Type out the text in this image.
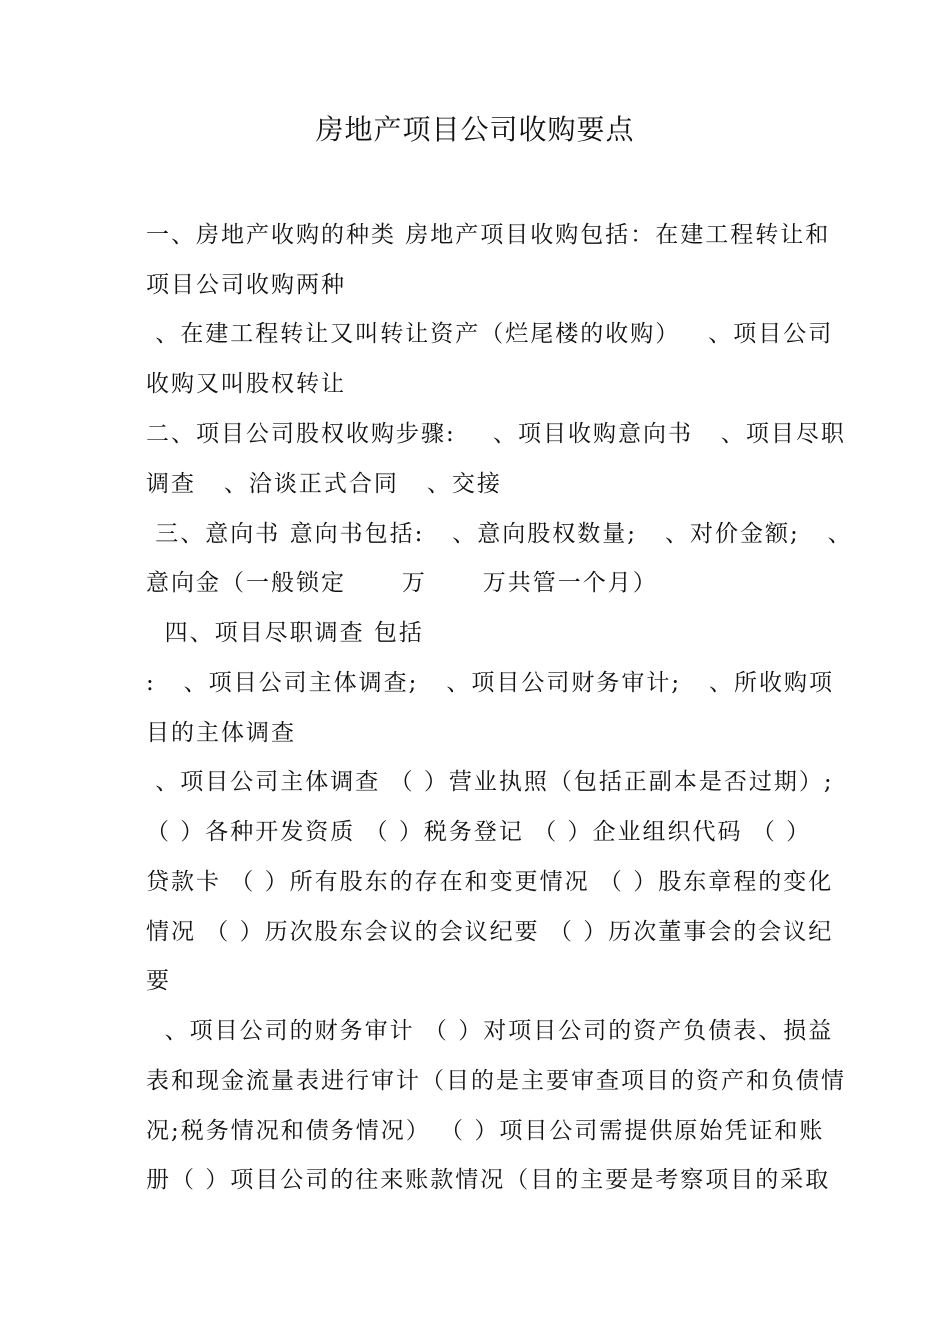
房地产项目公司收购要点
一、房地产收购的种类 房地产项目收购包括：在建工程转让和
项目公司收购两种
、在建工程转让又叫转让资产（烂尾楼的收购）   、项目公司
收购又叫股权转让
二、项目公司股权收购步骤:    、项目收购意向书   、项目尽职
调查   、洽谈正式合同   、交接
三、意向书 意向书包括:   、意向股权数量;   、对价金额;   、
意向金（一般锁定      万      万共管一个月）
四、项目尽职调查 包括
:   、项目公司主体调查;   、项目公司财务审计;   、所收购项
目的主体调查
、项目公司主体调查 （ ）营业执照（包括正副本是否过期）;
（ ）各种开发资质 （ ）税务登记 （ ）企业组织代码 （ ）
贷款卡 （ ）所有股东的存在和变更情况 （ ）股东章程的变化
情况 （ ）历次股东会议的会议纪要 （ ）历次董事会的会议纪
要
、项目公司的财务审计 （ ）对项目公司的资产负债表、损益
表和现金流量表进行审计（目的是主要审查项目的资产和负债情
况;税务情况和债务情况） （ ）项目公司需提供原始凭证和账
册（ ）项目公司的往来账款情况（目的主要是考察项目的采取
